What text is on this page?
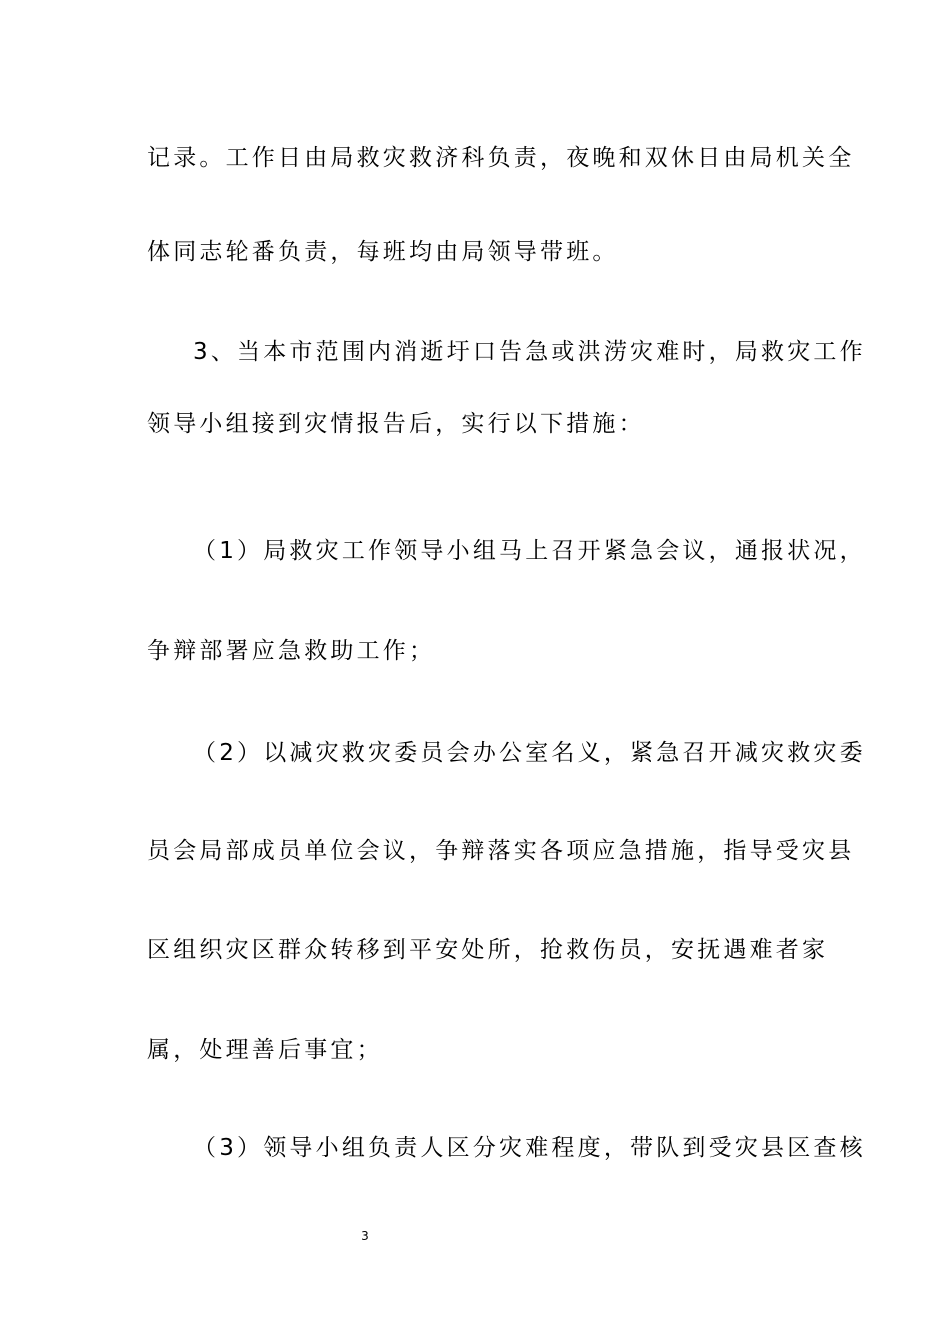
记录。工作日由局救灾救济科负责，夜晚和双休日由局机关全
体同志轮番负责，每班均由局领导带班。
3、当本市范围内消逝圩口告急或洪涝灾难时，局救灾工作
领导小组接到灾情报告后，实行以下措施：
（1）局救灾工作领导小组马上召开紧急会议，通报状况，
争辩部署应急救助工作；
（2）以减灾救灾委员会办公室名义，紧急召开减灾救灾委
员会局部成员单位会议，争辩落实各项应急措施，指导受灾县
区组织灾区群众转移到平安处所，抢救伤员，安抚遇难者家
属，处理善后事宜；
（3）领导小组负责人区分灾难程度，带队到受灾县区查核
3
